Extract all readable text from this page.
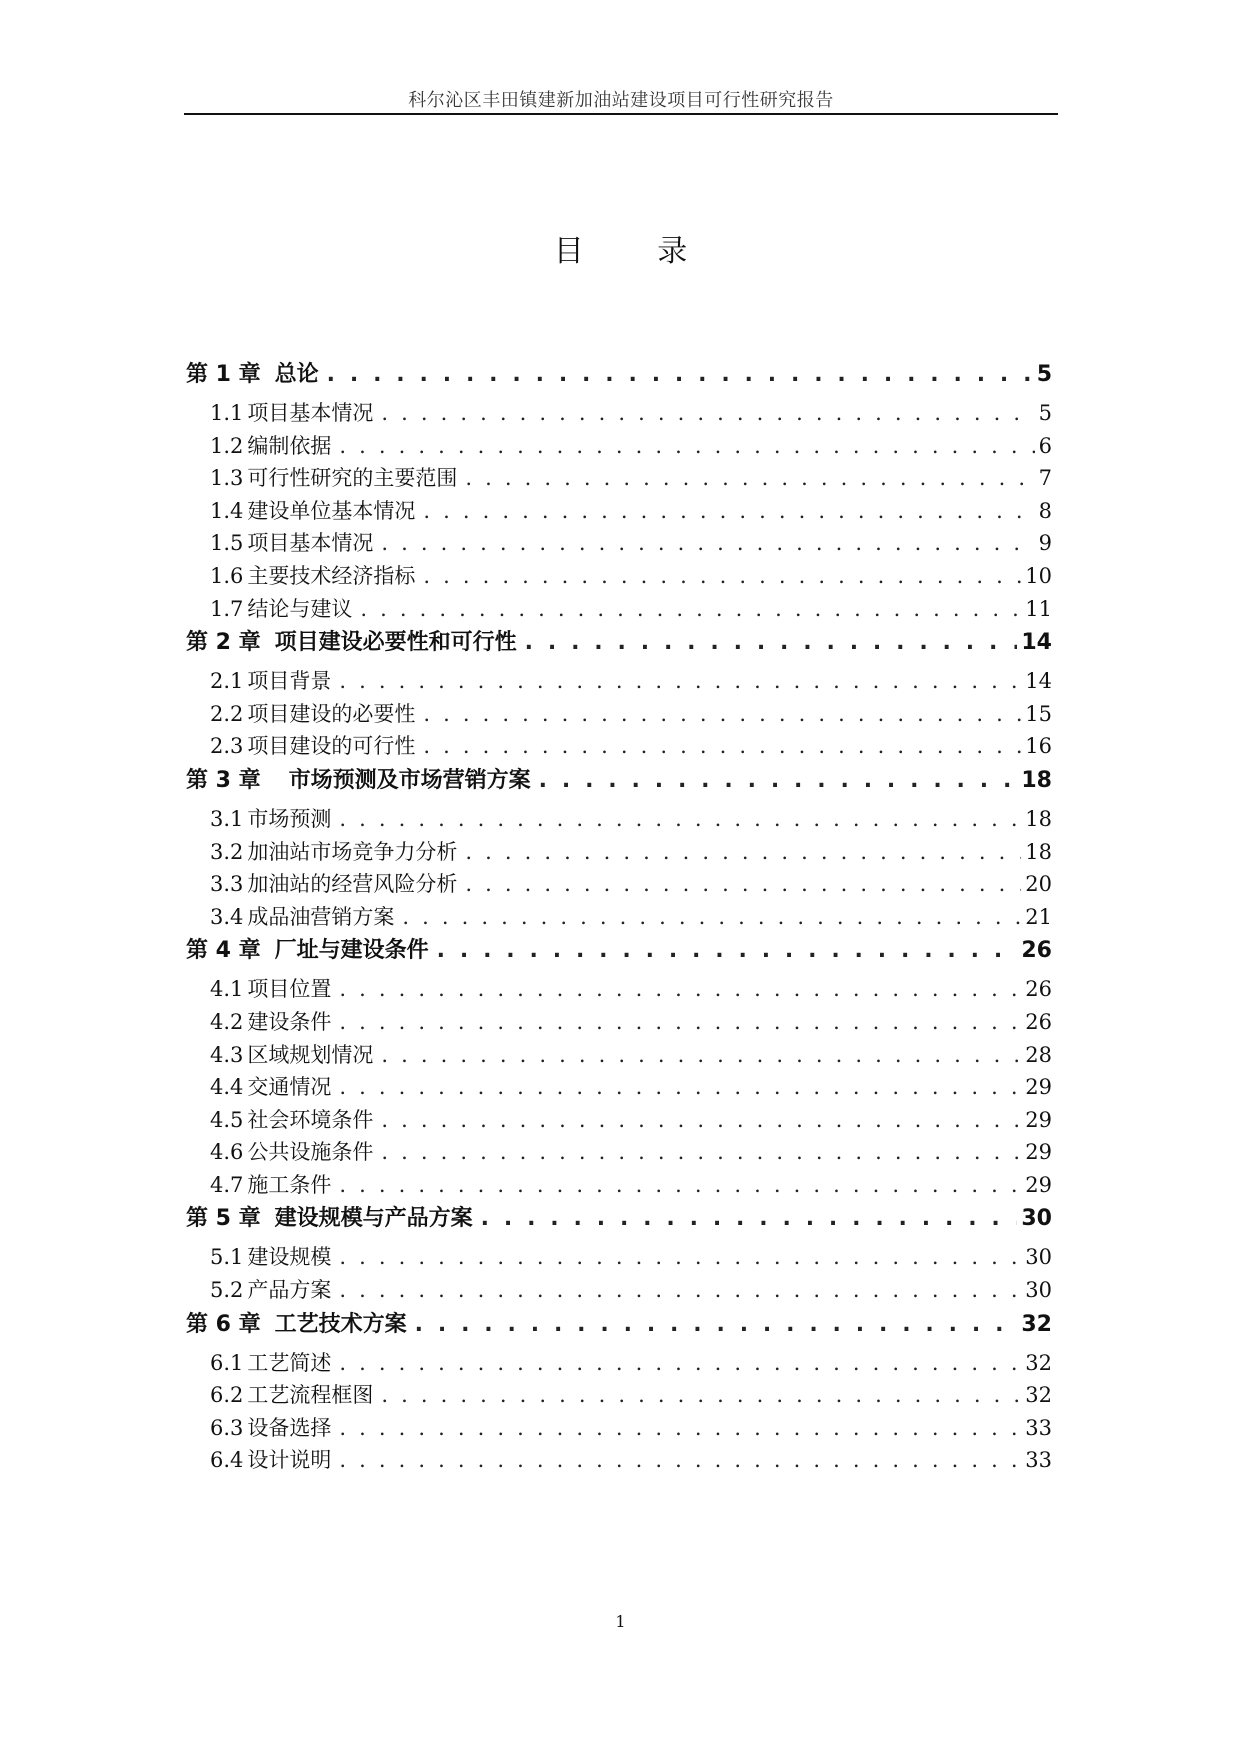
科尔沁区丰田镇建新加油站建设项目可行性研究报告
目 录
第 1 章 总论 . . .	5
1.1 项目基本情况 . . .	5
1.2 编制依据 . . .	6
1.3 可行性研究的主要范围 . . .	7
1.4 建设单位基本情况 . . .	8
1.5 项目基本情况 . . .	9
1.6 主要技术经济指标 . . .	10
1.7 结论与建议 . . .	11
第 2 章 项目建设必要性和可行性 . . .	14
2.1 项目背景 . . .	14
2.2 项目建设的必要性 . . .	15
2.3 项目建设的可行性 . . .	16
第 3 章	市场预测及市场营销方案 . . .	18
3.1 市场预测 . . .	18
3.2 加油站市场竞争力分析 . . .	18
3.3 加油站的经营风险分析 . . .	20
3.4 成品油营销方案 . . .	21
第 4 章 厂址与建设条件 . . .	26
4.1 项目位置 . . .	26
4.2 建设条件 . . .	26
4.3 区域规划情况 . . .	28
4.4 交通情况 . . .	29
4.5 社会环境条件 . . .	29
4.6 公共设施条件 . . .	29
4.7 施工条件 . . .	29
第 5 章 建设规模与产品方案 . . .	30
5.1 建设规模 . . .	30
5.2 产品方案 . . .	30
第 6 章 工艺技术方案 . . .	32
6.1 工艺简述 . . .	32
6.2 工艺流程框图 . . .	32
6.3 设备选择 . . .	33
6.4 设计说明 . . .	33
1
